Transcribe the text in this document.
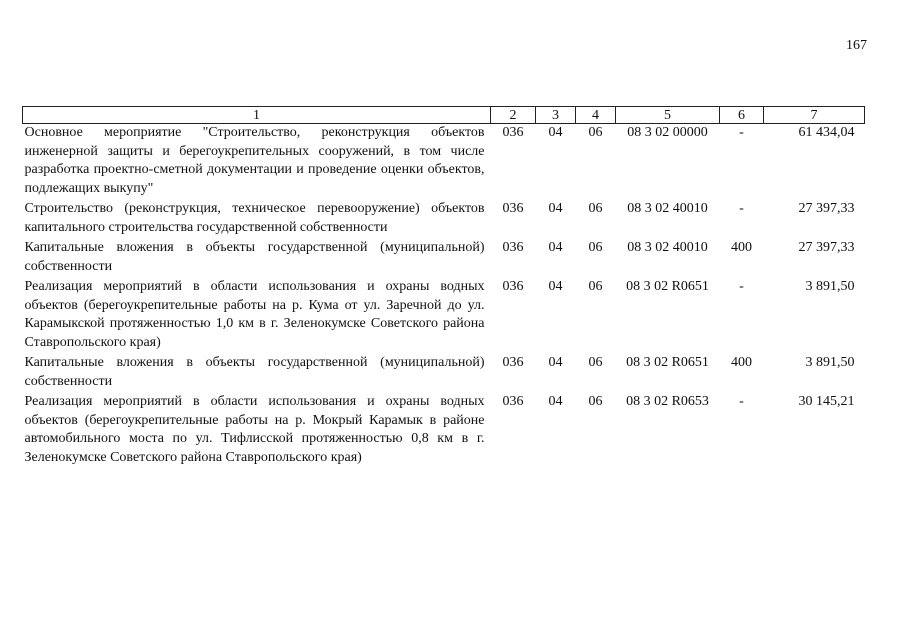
167
1	2	3	4	5	6	7
Основное мероприятие "Строительство, реконструкция объектов инженерной защиты и берегоукрепительных сооружений, в том числе разработка проектно-сметной документации и проведение оценки объектов, подлежащих выкупу"	036	04	06	08 3 02 00000	-	61 434,04
Строительство (реконструкция, техническое перевооружение) объектов капитального строительства государственной собственности	036	04	06	08 3 02 40010	-	27 397,33
Капитальные вложения в объекты государственной (муниципальной) собственности	036	04	06	08 3 02 40010	400	27 397,33
Реализация мероприятий в области использования и охраны водных объектов (берегоукрепительные работы на р. Кума от ул. Заречной до ул. Карамыкской протяженностью 1,0 км в г. Зеленокумске Советского района Ставропольского края)	036	04	06	08 3 02 R0651	-	3 891,50
Капитальные вложения в объекты государственной (муниципальной) собственности	036	04	06	08 3 02 R0651	400	3 891,50
Реализация мероприятий в области использования и охраны водных объектов (берегоукрепительные работы на р. Мокрый Карамык в районе автомобильного моста по ул. Тифлисской протяженностью 0,8 км в г. Зеленокумске Советского района Ставропольского края)	036	04	06	08 3 02 R0653	-	30 145,21
